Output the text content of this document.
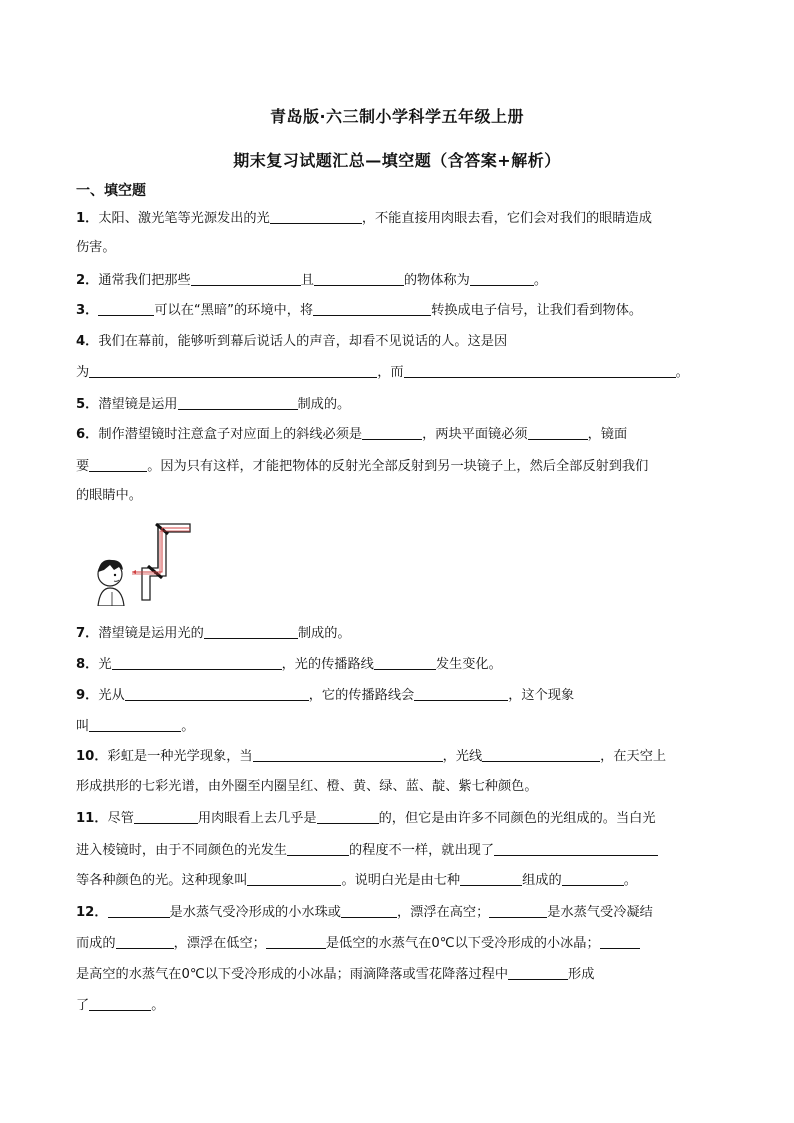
青岛版·六三制小学科学五年级上册
期末复习试题汇总—填空题（含答案+解析）
一、填空题
1．太阳、激光笔等光源发出的光	，不能直接用肉眼去看，它们会对我们的眼睛造成
伤害。
2．通常我们把那些	且	的物体称为	。
3．	可以在“黑暗”的环境中，将	转换成电子信号，让我们看到物体。
4．我们在幕前，能够听到幕后说话人的声音，却看不见说话的人。这是因
为	，而	。
5．潜望镜是运用	制成的。
6．制作潜望镜时注意盒子对应面上的斜线必须是	，两块平面镜必须	，镜面
要	。因为只有这样，才能把物体的反射光全部反射到另一块镜子上，然后全部反射到我们
的眼睛中。
7．潜望镜是运用光的	制成的。
8．光	，光的传播路线	发生变化。
9．光从	，它的传播路线会	，这个现象
叫	。
10．彩虹是一种光学现象，当	，光线	，在天空上
形成拱形的七彩光谱，由外圈至内圈呈红、橙、黄、绿、蓝、靛、紫七种颜色。
11．尽管	用肉眼看上去几乎是	的，但它是由许多不同颜色的光组成的。当白光
进入棱镜时，由于不同颜色的光发生	的程度不一样，就出现了
等各种颜色的光。这种现象叫	。说明白光是由七种	组成的	。
12．	是水蒸气受冷形成的小水珠或	，漂浮在高空；	是水蒸气受冷凝结
而成的	，漂浮在低空；	是低空的水蒸气在0℃以下受冷形成的小冰晶；
是高空的水蒸气在0℃以下受冷形成的小冰晶；雨滴降落或雪花降落过程中	形成
了	。
